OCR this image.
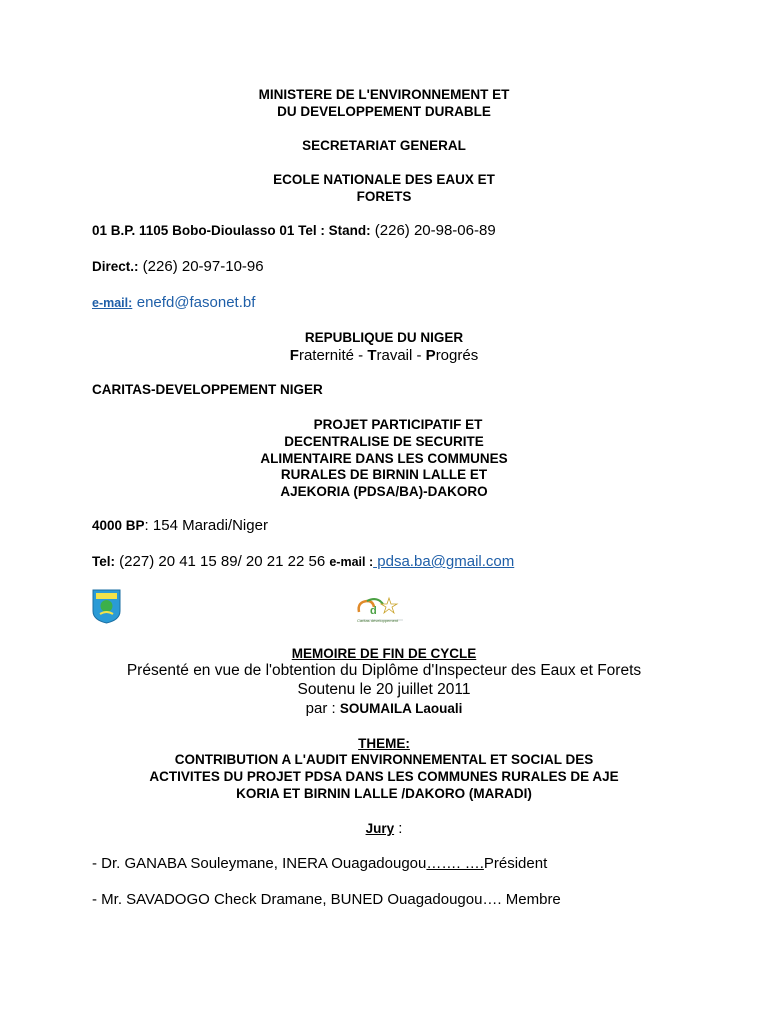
MINISTERE DE L'ENVIRONNEMENT ET
DU DEVELOPPEMENT DURABLE
SECRETARIAT GENERAL
ECOLE NATIONALE DES EAUX ET
FORETS
01 B.P. 1105 Bobo-Dioulasso 01 Tel : Stand: (226) 20-98-06-89
Direct.: (226) 20-97-10-96
e-mail: enefd@fasonet.bf
REPUBLIQUE DU NIGER
Fraternité - Travail - Progrés
CARITAS-DEVELOPPEMENT NIGER
PROJET PARTICIPATIF ET
DECENTRALISE DE SECURITE
ALIMENTAIRE DANS LES COMMUNES
RURALES DE BIRNIN LALLE ET
AJEKORIA (PDSA/BA)-DAKORO
4000 BP: 154 Maradi/Niger
Tel: (227) 20 41 15 89/ 20 21 22 56 e-mail : pdsa.ba@gmail.com
d
Caritas développement
MEMOIRE DE FIN DE CYCLE
Présenté en vue de l'obtention du Diplôme d'Inspecteur des Eaux et Forets
Soutenu le 20 juillet 2011
par : SOUMAILA Laouali
THEME:
CONTRIBUTION A L'AUDIT ENVIRONNEMENTAL ET SOCIAL DES
ACTIVITES DU PROJET PDSA DANS LES COMMUNES RURALES DE AJE
KORIA ET BIRNIN LALLE /DAKORO (MARADI)
Jury :
- Dr. GANABA Souleymane, INERA Ouagadougou……. ….Président
- Mr. SAVADOGO Check Dramane, BUNED Ouagadougou…. Membre
